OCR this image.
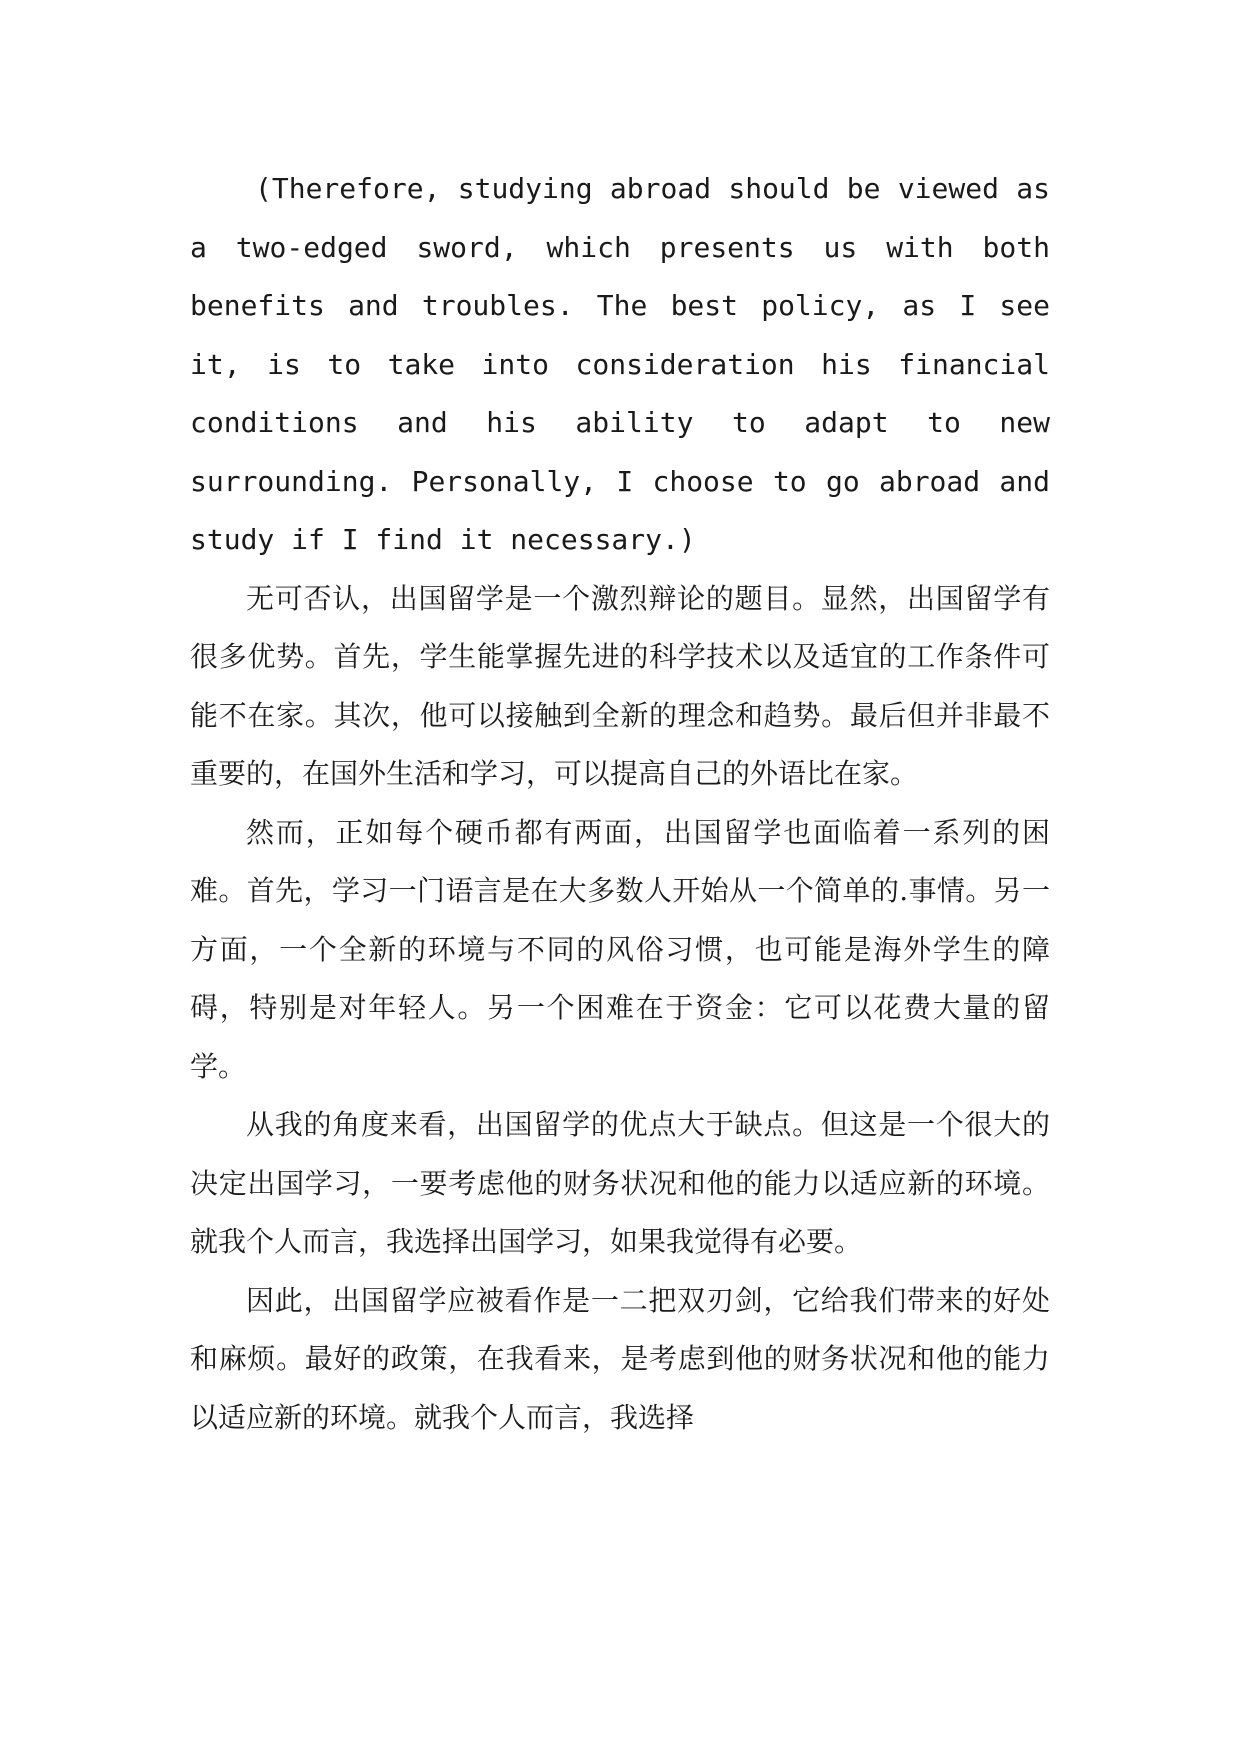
(Therefore, studying abroad should be viewed as a two-edged sword, which presents us with both benefits and troubles. The best policy, as I see it, is to take into consideration his financial conditions and his ability to adapt to new surrounding. Personally, I choose to go abroad and study if I find it necessary.)

无可否认，出国留学是一个激烈辩论的题目。显然，出国留学有很多优势。首先，学生能掌握先进的科学技术以及适宜的工作条件可能不在家。其次，他可以接触到全新的理念和趋势。最后但并非最不重要的，在国外生活和学习，可以提高自己的外语比在家。

然而，正如每个硬币都有两面，出国留学也面临着一系列的困难。首先，学习一门语言是在大多数人开始从一个简单的.事情。另一方面，一个全新的环境与不同的风俗习惯，也可能是海外学生的障碍，特别是对年轻人。另一个困难在于资金：它可以花费大量的留学。

从我的角度来看，出国留学的优点大于缺点。但这是一个很大的决定出国学习，一要考虑他的财务状况和他的能力以适应新的环境。就我个人而言，我选择出国学习，如果我觉得有必要。

因此，出国留学应被看作是一二把双刃剑，它给我们带来的好处和麻烦。最好的政策，在我看来，是考虑到他的财务状况和他的能力以适应新的环境。就我个人而言，我选择
